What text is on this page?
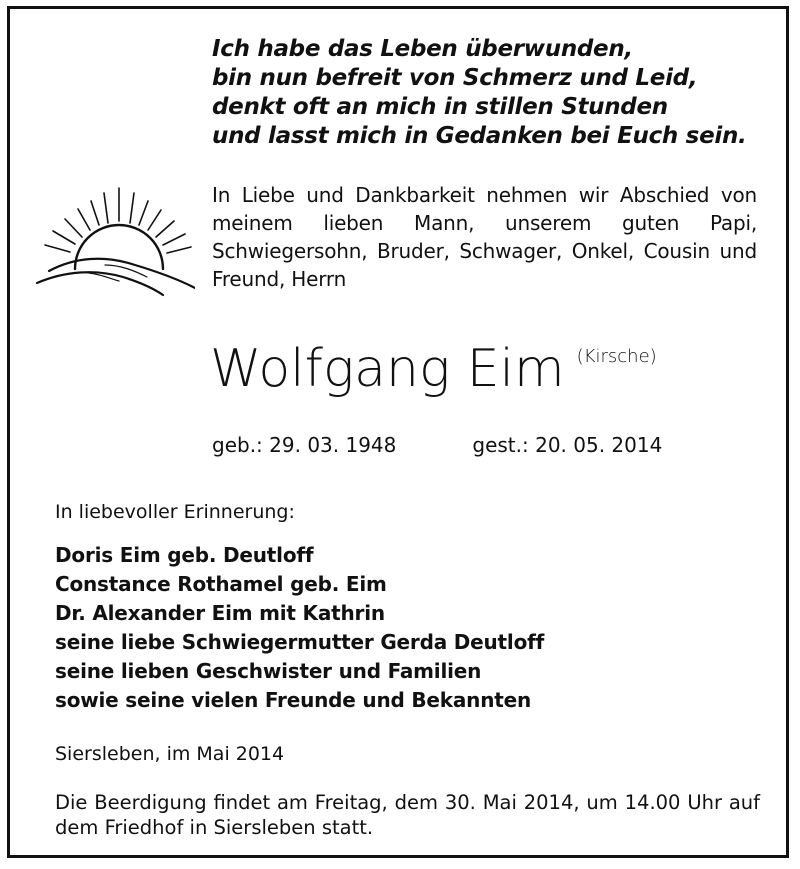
Ich habe das Leben überwunden,
bin nun befreit von Schmerz und Leid,
denkt oft an mich in stillen Stunden
und lasst mich in Gedanken bei Euch sein.
In Liebe und Dankbarkeit nehmen wir Abschied von meinem lieben Mann, unserem guten Papi, Schwiegersohn, Bruder, Schwager, Onkel, Cousin und Freund, Herrn
Wolfgang Eim $^{(Kirsche)}$
geb.: 29. 03. 1948	gest.: 20. 05. 2014
In liebevoller Erinnerung:
Doris Eim geb. Deutloff
Constance Rothamel geb. Eim
Dr. Alexander Eim mit Kathrin
seine liebe Schwiegermutter Gerda Deutloff
seine lieben Geschwister und Familien
sowie seine vielen Freunde und Bekannten
Siersleben, im Mai 2014
Die Beerdigung findet am Freitag, dem 30. Mai 2014, um 14.00 Uhr auf dem Friedhof in Siersleben statt.
